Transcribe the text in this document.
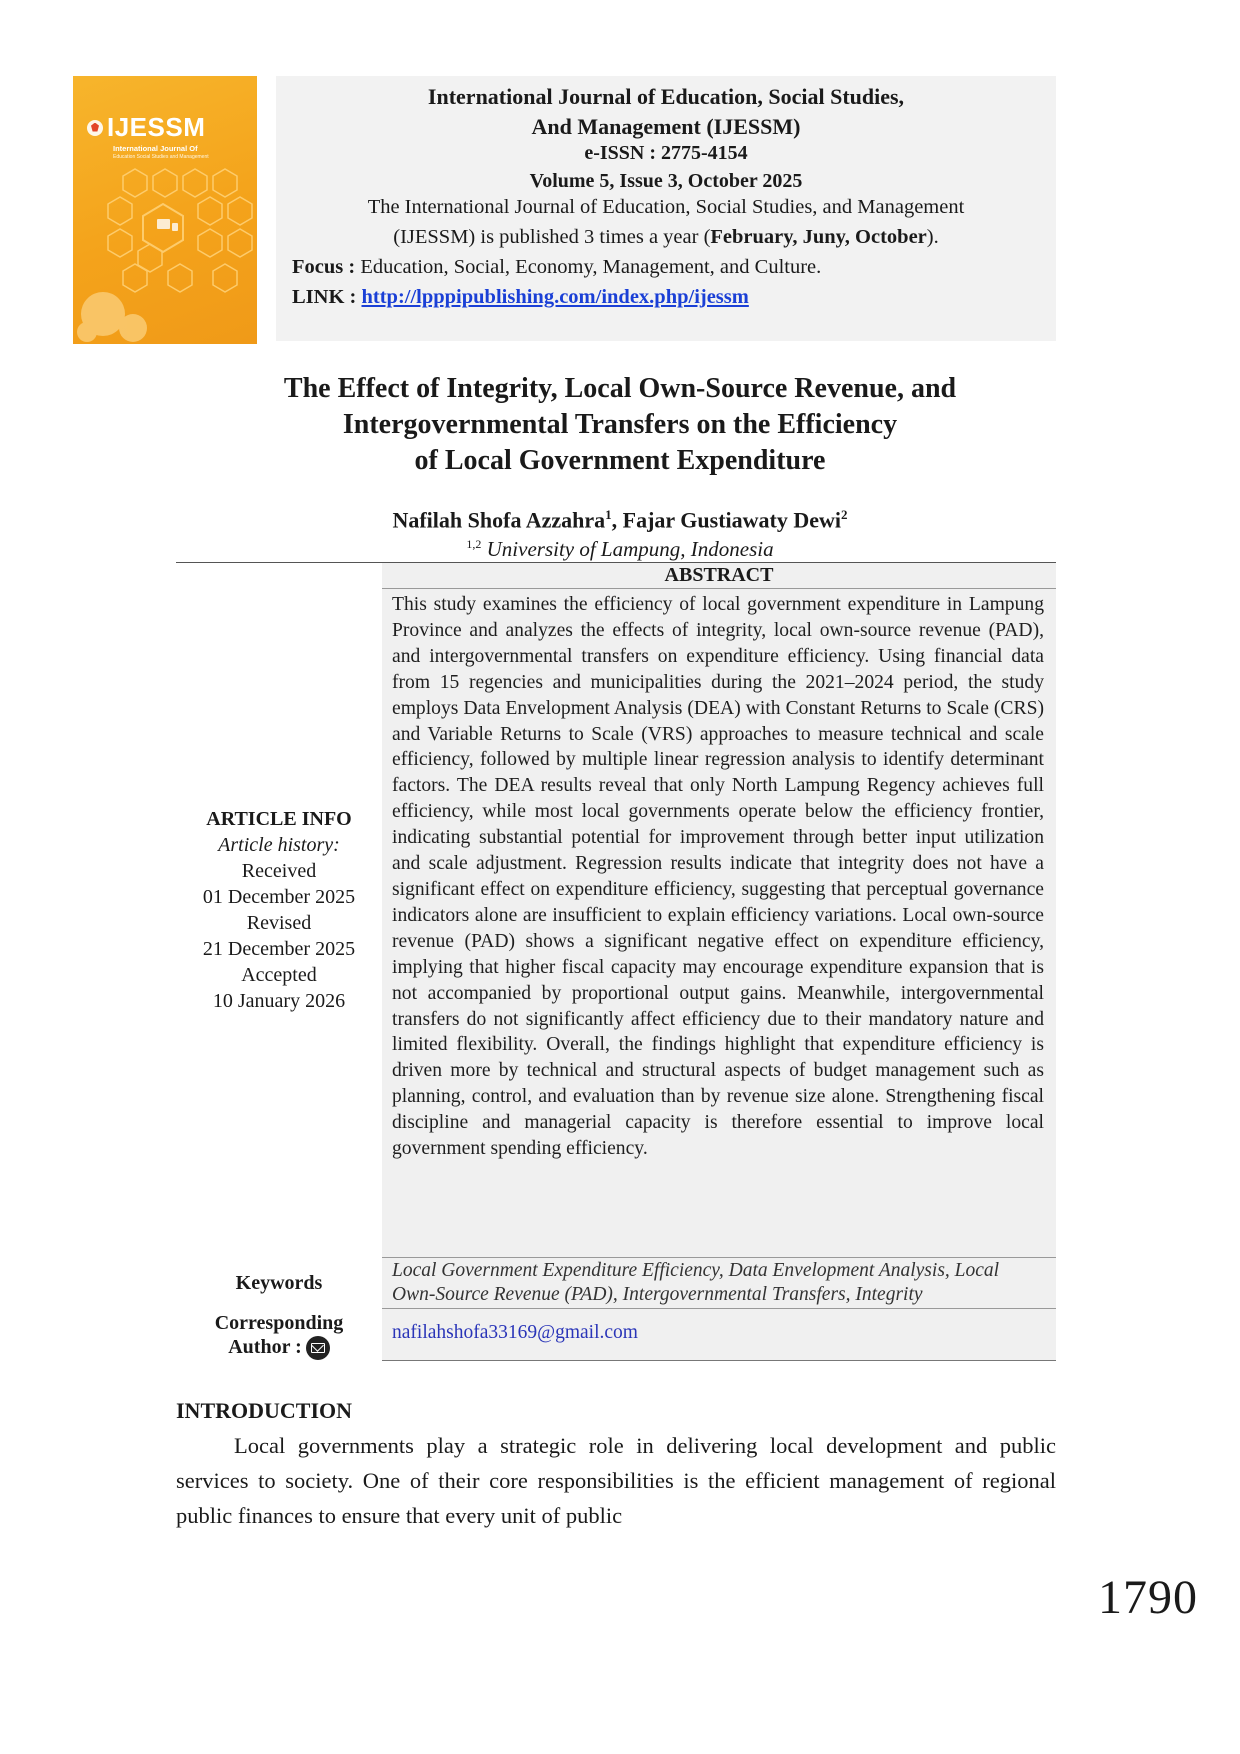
IJESSM
International Journal Of
Education Social Studies and Management
International Journal of Education, Social Studies,
And Management (IJESSM)
e-ISSN : 2775-4154
Volume 5, Issue 3, October 2025
The International Journal of Education, Social Studies, and Management
(IJESSM) is published 3 times a year (February, Juny, October).
Focus : Education, Social, Economy, Management, and Culture.
LINK : http://lpppipublishing.com/index.php/ijessm
The Effect of Integrity, Local Own-Source Revenue, and
Intergovernmental Transfers on the Efficiency
of Local Government Expenditure
Nafilah Shofa Azzahra$^1$, Fajar Gustiawaty Dewi$^2$
$^{1,2}$ University of Lampung, Indonesia
ABSTRACT
This study examines the efficiency of local government expenditure in Lampung Province and analyzes the effects of integrity, local own-source revenue (PAD), and intergovernmental transfers on expenditure efficiency. Using financial data from 15 regencies and municipalities during the 2021–2024 period, the study employs Data Envelopment Analysis (DEA) with Constant Returns to Scale (CRS) and Variable Returns to Scale (VRS) approaches to measure technical and scale efficiency, followed by multiple linear regression analysis to identify determinant factors. The DEA results reveal that only North Lampung Regency achieves full efficiency, while most local governments operate below the efficiency frontier, indicating substantial potential for improvement through better input utilization and scale adjustment. Regression results indicate that integrity does not have a significant effect on expenditure efficiency, suggesting that perceptual governance indicators alone are insufficient to explain efficiency variations. Local own-source revenue (PAD) shows a significant negative effect on expenditure efficiency, implying that higher fiscal capacity may encourage expenditure expansion that is not accompanied by proportional output gains. Meanwhile, intergovernmental transfers do not significantly affect efficiency due to their mandatory nature and limited flexibility. Overall, the findings highlight that expenditure efficiency is driven more by technical and structural aspects of budget management such as planning, control, and evaluation than by revenue size alone. Strengthening fiscal discipline and managerial capacity is therefore essential to improve local government spending efficiency.
Local Government Expenditure Efficiency, Data Envelopment Analysis, Local Own-Source Revenue (PAD), Intergovernmental Transfers, Integrity
nafilahshofa33169@gmail.com
ARTICLE INFO
Article history:
Received
01 December 2025
Revised
21 December 2025
Accepted
10 January 2026
Keywords
Corresponding
Author :
INTRODUCTION
Local governments play a strategic role in delivering local development and public services to society. One of their core responsibilities is the efficient management of regional public finances to ensure that every unit of public
1790
